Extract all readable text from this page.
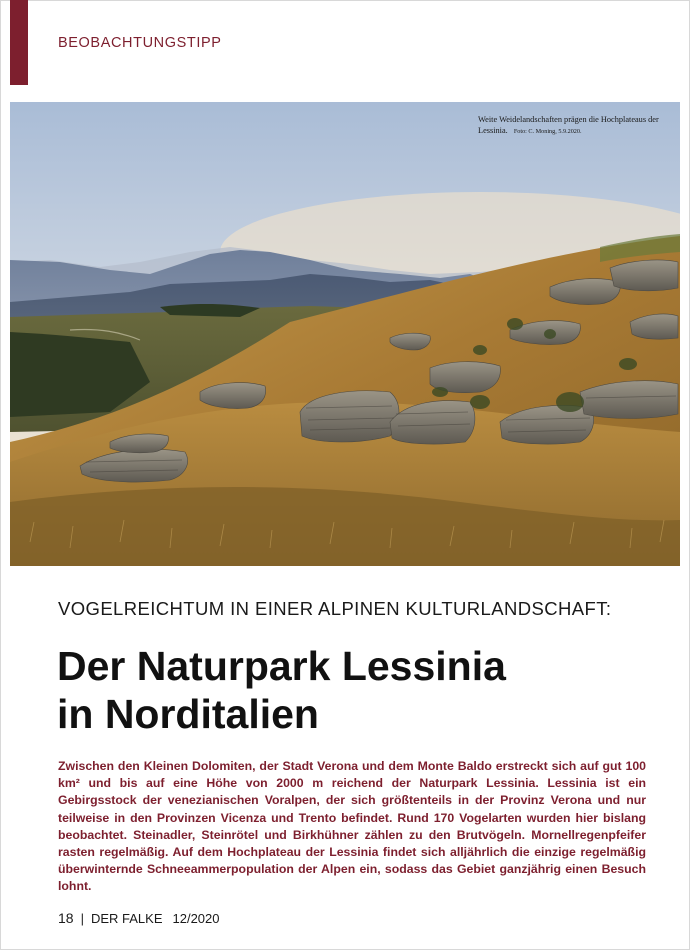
BEOBACHTUNGSTIPP
Weite Weidelandschaften prägen die Hochplateaus der Lessinia. Foto: C. Moning, 5.9.2020.
VOGELREICHTUM IN EINER ALPINEN KULTURLANDSCHAFT:
Der Naturpark Lessinia
in Norditalien

Zwischen den Kleinen Dolomiten, der Stadt Verona und dem Monte Baldo erstreckt sich auf gut 100 km² und bis auf eine Höhe von 2000 m reichend der Naturpark Lessinia. Lessinia ist ein Gebirgsstock der venezianischen Voralpen, der sich größtenteils in der Provinz Verona und nur teilweise in den Provinzen Vicenza und Trento befindet. Rund 170 Vogelarten wurden hier bislang beobachtet. Steinadler, Steinrötel und Birkhühner zählen zu den Brutvögeln. Mornellregenpfeifer rasten regelmäßig. Auf dem Hochplateau der Lessinia findet sich alljährlich die einzige regelmäßig überwinternde Schneeammerpopulation der Alpen ein, sodass das Gebiet ganzjährig einen Besuch lohnt.

18 | DER FALKE 12/2020
